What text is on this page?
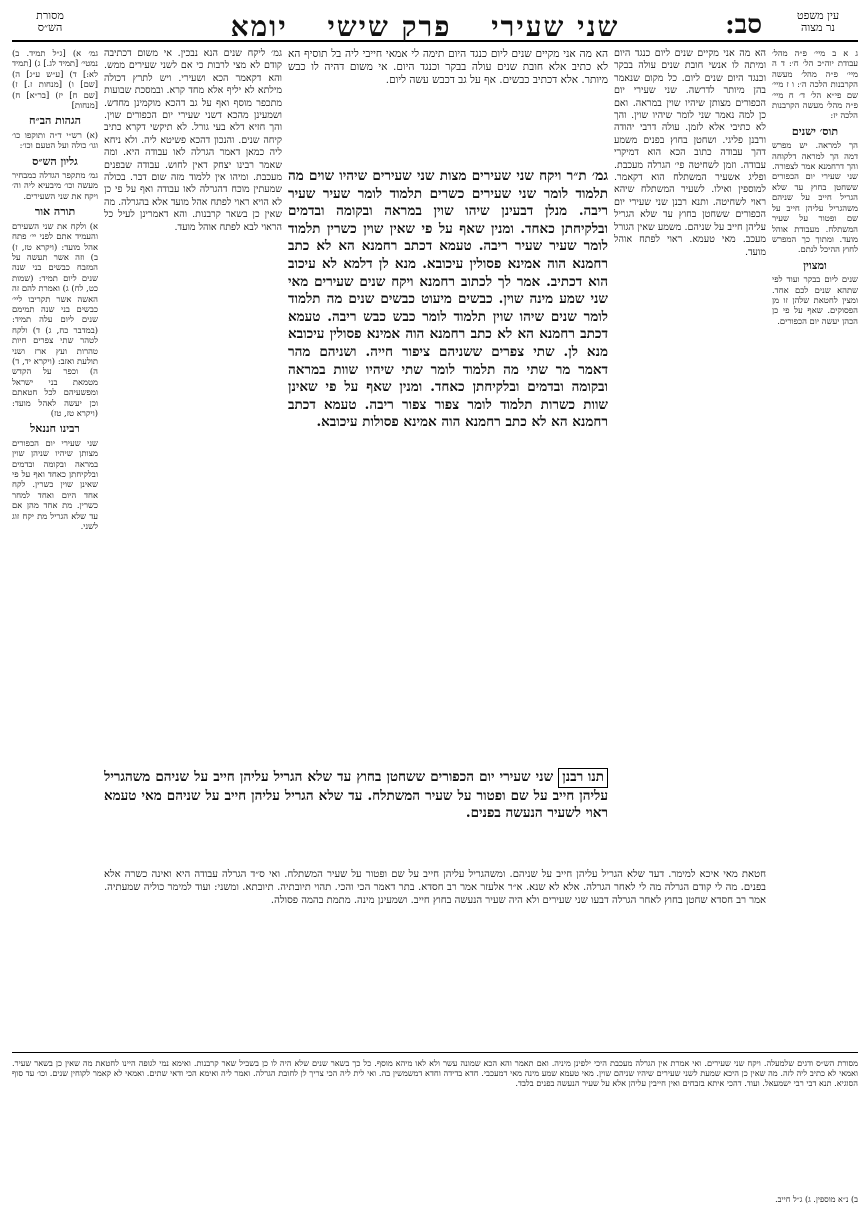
עין משפט
נר מצוה
סב:
שני שעירי פרק שישי יומא
מסורת
הש״ס
ג א ב מיי׳ פ״ה מהל׳ עבודת יוה״כ הל׳ ח׳: ד ה מיי׳ פ״ה מהל׳ מעשה הקרבנות הלכה ה׳: ו ז מיי׳ שם פי״א הל׳ ד׳ ח מיי׳ פ״ה מהל׳ מעשה הקרבנות הלכה יז:
תוס׳ ישנים
הך למראה. יש מפרש דמה הך למראה דלקוחה והך דרחמנא אמר לצפורה. שני שעירי יום הכפורים ששחטן בחוץ עד שלא הגריל חייב על שניהם משהגריל עליהן חייב על שם ופטור על שעיר המשתלח. מעבודת אוהל מועד. ומתוך כך המפרש לחוץ ההיכל לנתם.
ומצוין
שנים ליום בבקר ועוד לפי שתהא שנים לכם אחד. ומצין לחטאת שלהן זו מן הפסוקים. שאף על פי כן הכהן יעשה יום הכפורים.
גמ׳ א) [ג״ל תמיד. ב) נמטי׳ [תמיד לג.] ג) [תמיד לא:] ד) [ע״ש ע״ג] ה) [שם] ו) [מנחות ז.] ז) [שם ח] יז) [בר״א] ח) [מנחות]
הגהות הב״ח
(א) רש״י ד״ה ותוקפו כו׳ וגו׳ כולה ועל הטעם וכו׳:
גליון הש״ס
גמ׳ מתקפר הגדלה כמבחיר מעשה וכו׳ מיבעיא ליה וה׳ ויקח את שני השעירים.
תורה אור
א) ולקח את שני השעירם והעמיד אתם לפני יי׳ פתח אהל מועד: (ויקרא טז, ז) ב) וזה אשר תעשה על המזבח כבשים בני שנה שנים ליום תמיד: (שמות כט, לח) ג) ואמרת להם זה האשה אשר תקריבו ליי׳ כבשים בני שנה תמימם שנים ליום עלה תמיד: (במדבר כח, ג) ד) ולקח לטהר שתי צפרים חיות טהרות ועץ ארז ושני תולעת ואזב: (ויקרא יד, ד) ה) וכפר על הקדש מטמאת בני ישראל ומפשעיהם לכל חטאתם וכן יעשה לאהל מועד: (ויקרא טז, טז)
רבינו חננאל
שני שעירי יום הכפורים מצותן שיהיו שניהן שוין במראה ובקומה ובדמים ובלקיחתן כאחד ואף על פי שאינן שוין כשרין. לקח אחד היום ואחד למחר כשרין. מת אחד מהן אם עד שלא הגריל מת יקח זוג לשני.
הא מה אני מקיים שנים ליום כנגד היום ומיתה לו אנשי חובת שנים עולה בבקר וכנגד היום שנים ליום. כל מקום שנאמר בהן מיותר לדרשה. שני שעירי יום הכפורים מצותן שיהיו שוין במראה. ואם כן למה נאמר שני לומר שיהיו שוין. והך לא כתיבי אלא לזמן. עולה דרבי יהודה ורבנן פליגי. ושחטן בחוץ בפנים משמע דהך עבודה כתוב הכא הוא דמיקרי עבודה. וזמן לשחיטה פי׳ הגרלה מעכבת. ופליג אשעיר המשתלח הוא דקאמר. למוספין ואילו. לשעיר המשתלח שיהא ראוי לשחיטה. ותנא רבנן שני שעירי יום הכפורים ששחטן בחוץ עד שלא הגריל עליהן חייב על שניהם. משמע שאין הגורל מעכב. מאי טעמא. ראוי לפתח אוהל מועד.
גמ׳ ליקח שנים הנא נבכין. אי משום דכתיבה קודם לא מצי לרבות כי אם לשני שעירים ממש. והא דקאמר הכא ושעירי. ויש לתרץ דכולה מילתא לא יליף אלא מחד קרא. ובמסכת שבועות מתכפר מוסף ואף על גב דהכא מוקמינן מחדש. ושמעינן מהכא דשני שעירי יום הכפורים שוין. והך חזיא דלא בעי גורל. לא תיקשי דקרא כתיב קיחה שנים. והנכון דהכא פשיטא ליה. ולא ניחא ליה כמאן דאמר הגרלה לאו עבודה היא. ומה שאמר רבינו יצחק דאין לחוש. עבודה שבפנים מעכבת. ומיהו אין ללמוד מזה שום דבר. בכולה שמעתין מוכח דהגרלה לאו עבודה ואף על פי כן לא הויא ראוי לפתח אהל מועד אלא בהגרלה. מה שאין כן בשאר קרבנות. והא דאמרינן לעיל כל הראוי לבא לפתח אוהל מועד.
הא מה אני מקיים שנים ליום כנגד היום תימה לי אמאי חייבי ליה בל תוסיף הא לא כתיב אלא חובת שנים עולה בבקר וכנגד היום. אי משום דהיה לו כבש מיותר. אלא דכתיב כבשים. אף על גב דכבש עשה ליום.
גמ׳ ת״ר ויקח שני שעירים מצות שני שעירים שיהיו שוים מה תלמוד לומר שני שעירים כשרים תלמוד לומר שעיר שעיר ריבה. מנלן דבעינן שיהו שוין במראה ובקומה ובדמים ובלקיחתן כאחד. ומנין שאף על פי שאין שוין כשרין תלמוד לומר שעיר שעיר ריבה. טעמא דכתב רחמנא הא לא כתב רחמנא הוה אמינא פסולין עיכובא. מנא לן דלמא לא עיכוב הוא דכתיב. אמר לך לכתוב רחמנא ויקח שנים שעירים מאי שני שמע מינה שוין. כבשים מיעוט כבשים שנים מה תלמוד לומר שנים שיהו שוין תלמוד לומר כבש כבש ריבה. טעמא דכתב רחמנא הא לא כתב רחמנא הוה אמינא פסולין עיכובא מנא לן. שתי צפרים ששניהם ציפור חייה. ושניהם מהר דאמר מר שתי מה תלמוד לומר שתי שיהיו שוות במראה ובקומה ובדמים ובלקיחתן כאחד. ומנין שאף על פי שאינן שוות כשרות תלמוד לומר צפור צפור ריבה. טעמא דכתב רחמנא הא לא כתב רחמנא הוה אמינא פסולות עיכובא.
תנו רבנן שני שעירי יום הכפורים ששחטן בחוץ עד שלא הגריל עליהן חייב על שניהם משהגריל עליהן חייב על שם ופטור על שעיר המשתלח. עד שלא הגריל עליהן חייב על שניהם מאי טעמא ראוי לשעיר הנעשה בפנים.
חטאת מאי איכא למימר. דעד שלא הגריל עליהן חייב על שניהם. ומשהגריל עליהן חייב על שם ופטור על שעיר המשתלח. ואי ס״ד הגרלה עבודה היא ואינה כשרה אלא בפנים. מה לי קודם הגרלה מה לי לאחר הגרלה. אלא לא שנא. א״ר אלעזר אמר רב חסדא. בתר דאמר הכי והכי. תהוי תיובתיה. תיובתא. ומשני: ועוד למימר כוליה שמעתיה. אמר רב חסדא שחטן בחוץ לאחר הגרלה דבעו שני שעירים ולא היה שעיר הנעשה בחוץ חייב. ושמעינן מינה. מתמת בהמה פסולה.
מסורת הש״ס ודגים שלמעלה. ויקח שני שעירים. ואי אמרת אין הגרלה מעכבת היכי ילפינן מיניה. ואם תאמר והא הכא שמונה עשר ולא לאו מיהא מוסף. כל כך בשאר שנים שלא היה לו כן בשביל שאר קרבנות. ואימא נמי לגופה היינו לחטאת מה שאין כן בשאר שעיר. ואמאי לא כתיב ליה לזה. מה שאין כן היכא שמעת לשני שעירים שיהיו שניהם שוין. מאי טעמא שמע מינה מאי דמעכבי. חדא בדידה וחדא דמשמשין בה. ואי לית ליה הכי צריך לן לחובת הגרלה. ואמר ליה ואימא הכי ודאי שתים. ואמאי לא קאמר לקוחין שנים. וכו׳ עד סוף הסוגיא. תנא דבי רבי ישמעאל. ועוד. דהכי איתא בזבחים ואין חייבין עליהן אלא על שעיר הנעשה בפנים בלבד.
ב) נ״א מוספין. ג) ג״ל חייב.
